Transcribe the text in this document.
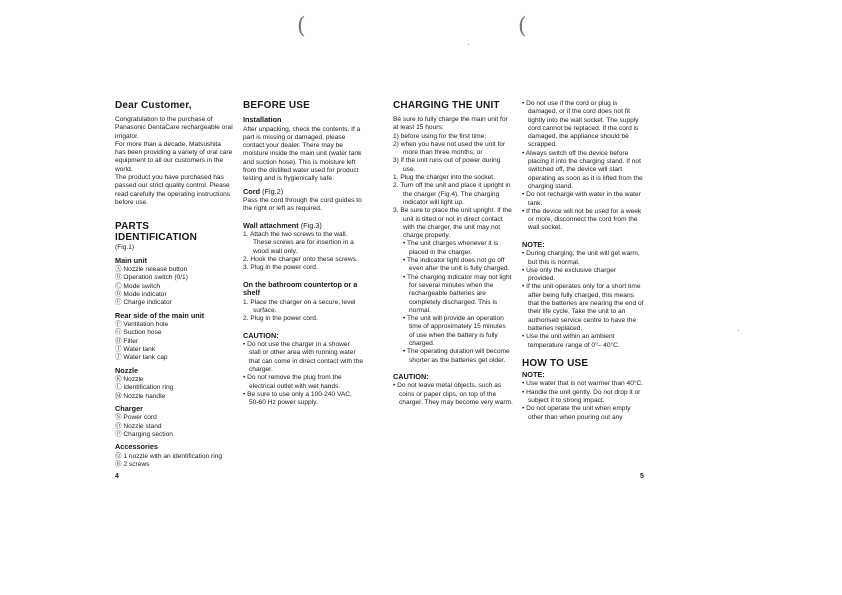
(	(
Dear Customer,

Congratulation to the purchase of Panasonic DentaCare rechargeable oral irrigator.

For more than a decade, Matsushita has been providing a variety of oral care equipment to all our customers in the world.

The product you have purchased has passed our strict quality control. Please read carefully the operating instructions before use.

PARTS IDENTIFICATION

(Fig.1)

Main unit

Ⓐ Nozzle release button

Ⓑ Operation switch (0/1)

Ⓒ Mode switch

Ⓓ Mode indicator

Ⓔ Charge indicator

Rear side of the main unit

Ⓕ Ventilation hole

Ⓖ Suction hose

Ⓗ Filter

Ⓘ Water tank

Ⓙ Water tank cap

Nozzle

Ⓚ Nozzle

Ⓛ Identification ring

Ⓜ Nozzle handle

Charger

Ⓝ Power cord

Ⓞ Nozzle stand

Ⓟ Charging section

Accessories

Ⓠ 1 nozzle with an identification ring

Ⓡ 2 screws

BEFORE USE
Installation

After unpacking, check the contents. If a part is missing or damaged, please contact your dealer. There may be moisture inside the main unit (water tank and suction hose). This is moisture left from the distilled water used for product testing and is hygienically safe.

Cord (Fig.2)

Pass the cord through the cord guides to the right or left as required.

Wall attachment (Fig.3)

1. Attach the two screws to the wall. These screws are for insertion in a wood wall only.

2. Hook the charger onto these screws.

3. Plug in the power cord.

On the bathroom countertop or a shelf

1. Place the charger on a secure, level surface.

2. Plug in the power cord.

CAUTION:

• Do not use the charger in a shower stall or other area with running water that can come in direct contact with the charger.

• Do not remove the plug from the electrical outlet with wet hands.

• Be sure to use only a 100-240 VAC, 50-60 Hz power supply.

CHARGING THE UNIT

Be sure to fully charge the main unit for at least 15 hours:

1) before using for the first time;

2) when you have not used the unit for more than three months; or

3) if the unit runs out of power during use.

1. Plug the charger into the socket.

2. Turn off the unit and place it upright in the charger (Fig.4). The charging indicator will light up.

3. Be sure to place the unit upright. If the unit is tilted or not in direct contact with the charger, the unit may not charge properly.

• The unit charges whenever it is placed in the charger.

• The indicator light does not go off even after the unit is fully charged.

• The charging indicator may not light for several minutes when the rechargeable batteries are completely discharged. This is normal.

• The unit will provide an operation time of approximately 15 minutes of use when the battery is fully charged.

• The operating duration will become shorter as the batteries get older.

CAUTION:

• Do not leave metal objects, such as coins or paper clips, on top of the charger. They may become very warm.

• Do not use if the cord or plug is damaged, or if the cord does not fit tightly into the wall socket. The supply cord cannot be replaced. If the cord is damaged, the appliance should be scrapped.

• Always switch off the device before placing it into the charging stand. If not switched off, the device will start operating as soon as it is lifted from the charging stand.

• Do not recharge with water in the water tank.

• If the device will not be used for a week or more, disconnect the cord from the wall socket.

NOTE:

• During charging, the unit will get warm, but this is normal.

• Use only the exclusive charger provided.

• If the unit operates only for a short time after being fully charged, this means that the batteries are nearing the end of their life cycle. Take the unit to an authorised service centre to have the batteries replaced.

• Use the unit within an ambient temperature range of 0°– 40°C.

HOW TO USE
NOTE:

• Use water that is not warmer than 40°C.

• Handle the unit gently. Do not drop it or subject it to strong impact.

• Do not operate the unit when empty other than when pouring out any

4	5
